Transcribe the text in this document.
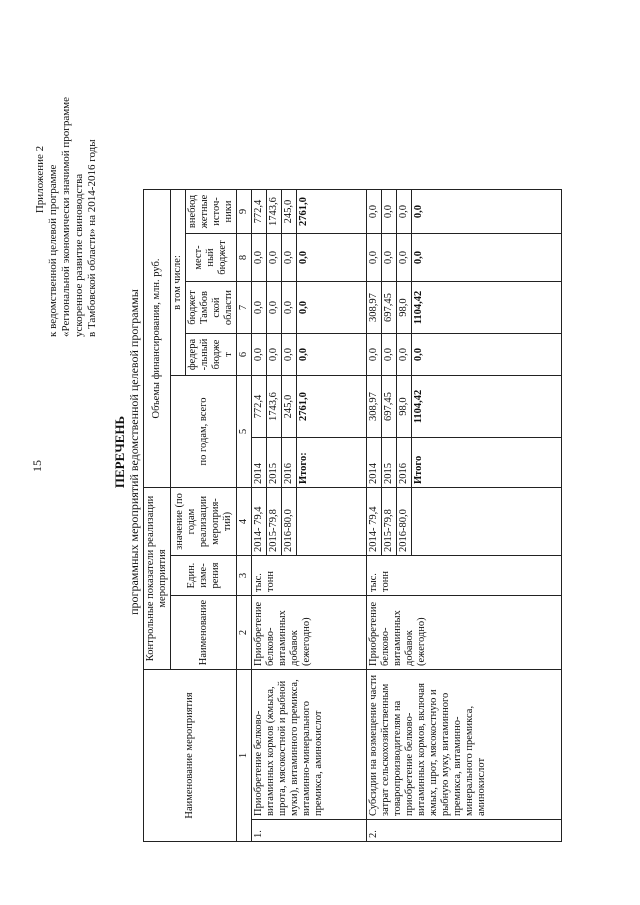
15
Приложение 2 к ведомственной целевой программе «Региональной экономически значимой программе ускоренное развитие свиноводства в Тамбовской области» на 2014-2016 годы
ПЕРЕЧЕНЬ программных мероприятий ведомственной целевой программы
Наименование мероприятия		Контрольные показатели реализации мероприятия			Объемы финансирования, млн. руб.					
		Наименование	Един. изме-рения	значение (по годам реализации мероприя-тий)	по годам, всего		в том числе:			
							федера -льный бюдже т	бюджет Тамбов ской области	мест- ный бюджет	внебюд жетные источ- ники
1		2	3	4	5		6	7	8	9
1.	Приобретение белково-витаминных кормов (жмыха, шрота, мясокостной и рыбной муки), витаминного премикса, витаминно-минерального премикса, аминокислот	Приобретение белково-витаминных добавок (ежегодно)	тыс. тонн	2014- 79,4	2014	772,4	0,0	0,0	0,0	772,4
				2015-79,8	2015	1743,6	0,0	0,0	0,0	1743,6
				2016-80,0	2016	245,0	0,0	0,0	0,0	245,0
					Итого:	2761,0	0,0	0,0	0,0	2761,0
2.	Субсидии на возмещение части затрат сельскохозяйственным товаропроизводителям на приобретение белково-витаминных кормов, включая жмых, шрот, мясокостную и рыбную муку, витаминного премикса, витаминно-минерального премикса, аминокислот	Приобретение белково-витаминных добавок (ежегодно)	тыс. тонн	2014- 79,4	2014	308,97	0,0	308,97	0,0	0,0
				2015-79,8	2015	697,45	0,0	697,45	0,0	0,0
				2016-80,0	2016	98,0	0,0	98,0	0,0	0,0
					Итого	1104,42	0,0	1104,42	0,0	0,0
